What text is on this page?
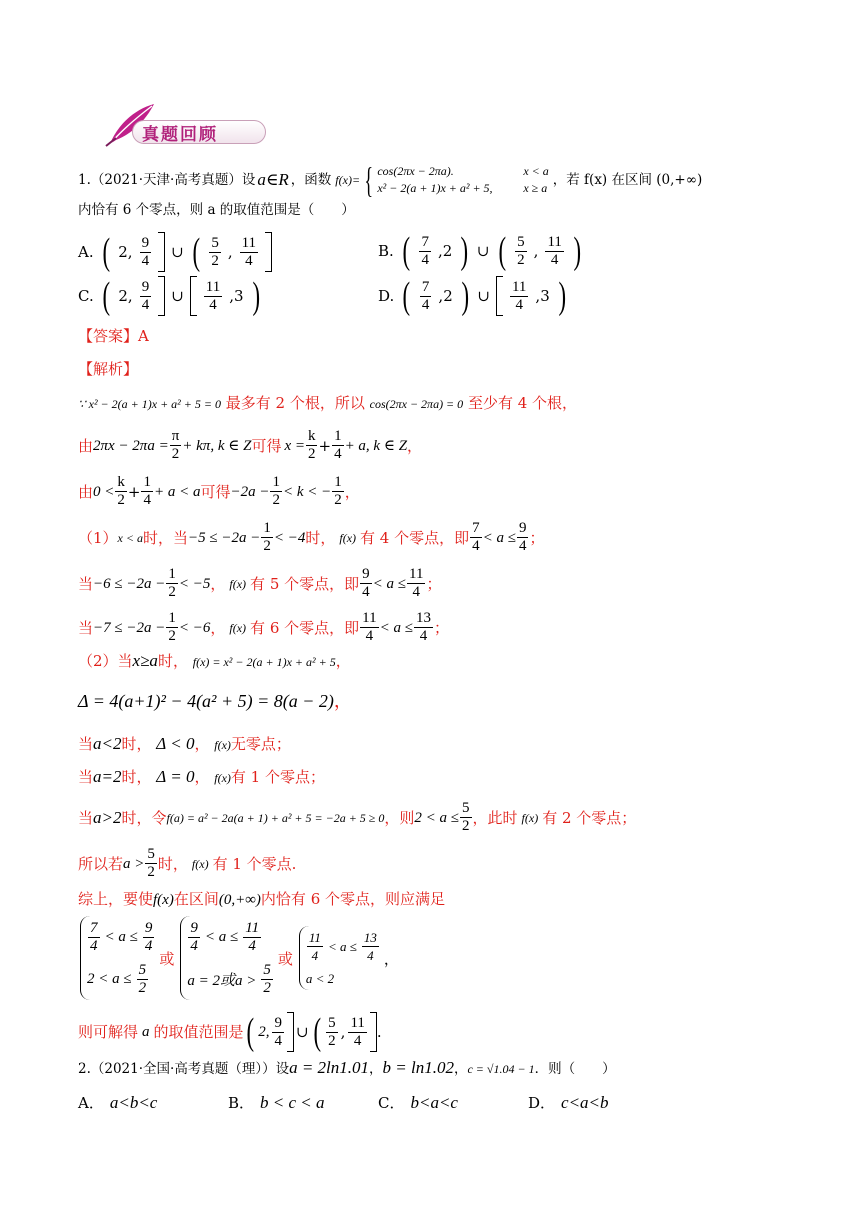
真题回顾
1.（2021·天津·高考真题）设 a∈R ，函数 f(x)= { cos(2πx − 2πa).	x < a
x² − 2(a + 1)x + a² + 5,	x ≥ a ，若 f(x) 在区间 (0,+∞)
内恰有 6 个零点，则 a 的取值范围是（　　）
A. ( 2, $\frac{9}{4}$ ∪ ( $\frac{5}{2}$ , $\frac{11}{4}$	B. ( $\frac{7}{4} ,2$ ) ∪ ( $\frac{5}{2}$ , $\frac{11}{4}$ )
C. ( 2, $\frac{9}{4}$ ∪ $\frac{11}{4} ,3$ )	D. ( $\frac{7}{4} ,2$ ) ∪ $\frac{11}{4} ,3$ )
【答案】A
【解析】
∵ x² − 2(a + 1)x + a² + 5 = 0 最多有 2 个根，所以 cos(2πx − 2πa) = 0 至少有 4 个根，
由 $2\pi x - 2\pi a = \frac{\pi}{2} + k\pi$, k ∈ Z 可得 $x = \frac{k}{2} + \frac{1}{4} + a$, k ∈ Z ，
由 $0 < \frac{k}{2} + \frac{1}{4} + a < a$ 可得 $-2a - \frac{1}{2} < k$ < − $\frac{1}{2}$ ，
（1） x < a 时，当 $-5 \le -2a - \frac{1}{2} < -4$ 时， f(x) 有 4 个零点，即 $\frac{7}{4} < a \le \frac{9}{4}$ ；
当 $-6 \le -2a - \frac{1}{2} < -5$ ， f(x) 有 5 个零点，即 $\frac{9}{4} < a \le \frac{11}{4}$ ；
当 $-7 \le -2a - \frac{1}{2} < -6$ ， f(x) 有 6 个零点，即 $\frac{11}{4} < a \le \frac{13}{4}$ ；
（2）当x≥a时， f(x) = x² − 2(a + 1)x + a² + 5，
Δ = 4(a+1)² − 4(a² + 5) = 8(a − 2)，
当a<2时， Δ < 0， f(x)无零点；
当a=2时， Δ = 0， f(x)有 1 个零点；
当 a>2 时，令 f(a) = a² − 2a(a + 1) + a² + 5 = −2a + 5 ≥ 0 ，则 $2 < a \le \frac{5}{2}$ ，此时 f(x) 有 2 个零点；
所以若 $a > \frac{5}{2}$ 时， f(x) 有 1 个零点.
综上，要使f(x)在区间(0,+∞)内恰有 6 个零点，则应满足
$\frac{7}{4} < a \le \frac{9}{4}$
$2 < a \le \frac{5}{2}$
或
$\frac{9}{4} < a \le \frac{11}{4}$
a = 2或$a > \frac{5}{2}$
或 $\frac{11}{4} < a \le \frac{13}{4}$
a < 2
，
则可解得 a 的取值范围是 ( 2, $\frac{9}{4}$ ∪ ( $\frac{5}{2}$ , $\frac{11}{4}$ .
2.（2021·全国·高考真题（理））设a = 2ln1.01，b = ln1.02，c = √1.04 − 1．则（　　）
A． a<b<c	B． b < c < a	C． b<a<c	D． c<a<b
